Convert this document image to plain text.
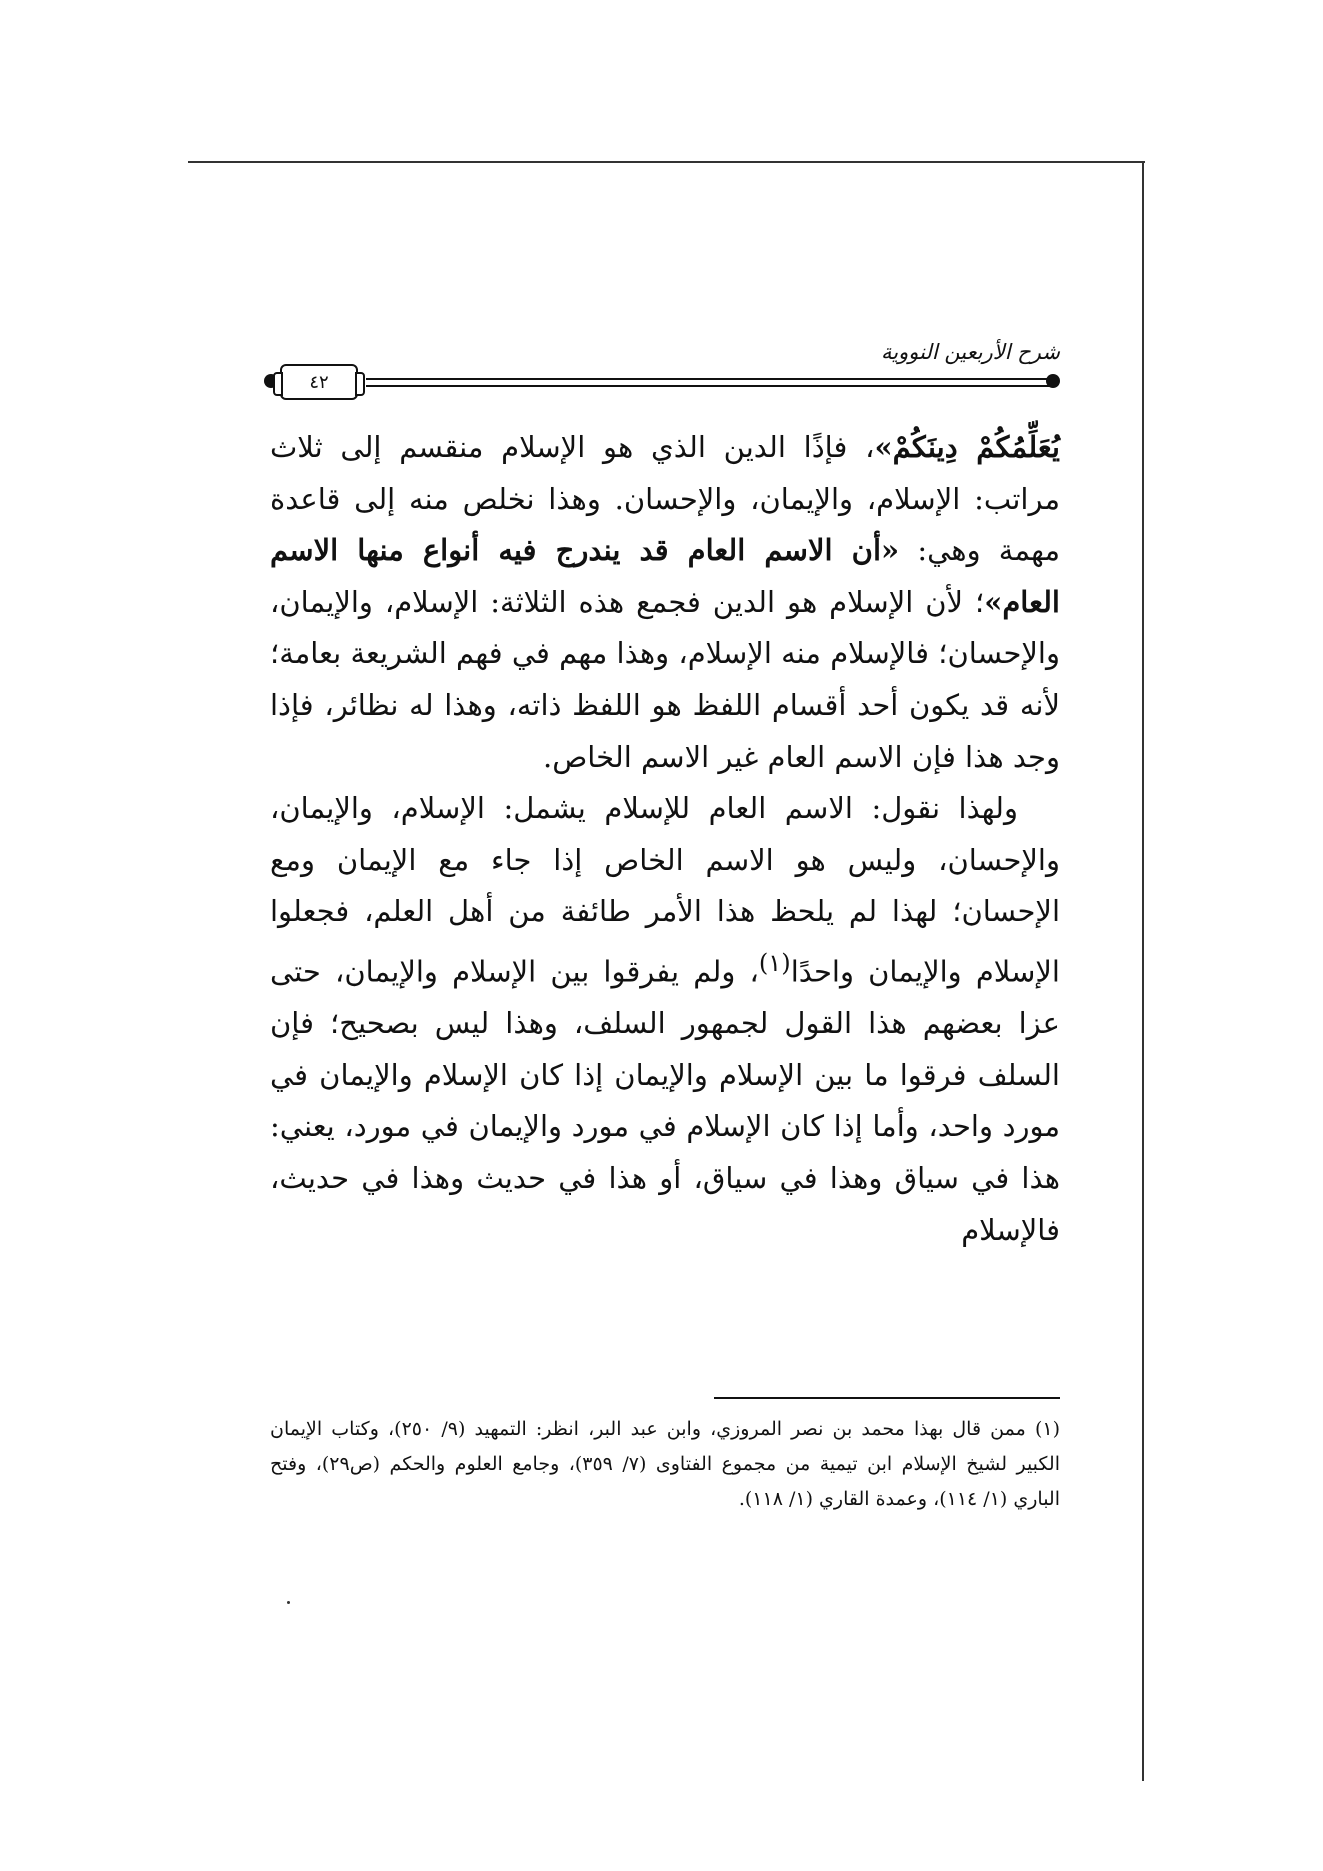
شرح الأربعين النووية
٤٢

يُعَلِّمُكُمْ دِينَكُمْ»، فإذًا الدين الذي هو الإسلام منقسم إلى ثلاث مراتب: الإسلام، والإيمان، والإحسان. وهذا نخلص منه إلى قاعدة مهمة وهي: «أن الاسم العام قد يندرج فيه أنواع منها الاسم العام»؛ لأن الإسلام هو الدين فجمع هذه الثلاثة: الإسلام، والإيمان، والإحسان؛ فالإسلام منه الإسلام، وهذا مهم في فهم الشريعة بعامة؛ لأنه قد يكون أحد أقسام اللفظ هو اللفظ ذاته، وهذا له نظائر، فإذا وجد هذا فإن الاسم العام غير الاسم الخاص.

ولهذا نقول: الاسم العام للإسلام يشمل: الإسلام، والإيمان، والإحسان، وليس هو الاسم الخاص إذا جاء مع الإيمان ومع الإحسان؛ لهذا لم يلحظ هذا الأمر طائفة من أهل العلم، فجعلوا الإسلام والإيمان واحدًا$^{(١)}$، ولم يفرقوا بين الإسلام والإيمان، حتى عزا بعضهم هذا القول لجمهور السلف، وهذا ليس بصحيح؛ فإن السلف فرقوا ما بين الإسلام والإيمان إذا كان الإسلام والإيمان في مورد واحد، وأما إذا كان الإسلام في مورد والإيمان في مورد، يعني: هذا في سياق وهذا في سياق، أو هذا في حديث وهذا في حديث، فالإسلام

(١) ممن قال بهذا محمد بن نصر المروزي، وابن عبد البر، انظر: التمهيد (٩/ ٢٥٠)، وكتاب الإيمان الكبير لشيخ الإسلام ابن تيمية من مجموع الفتاوى (٧/ ٣٥٩)، وجامع العلوم والحكم (ص٢٩)، وفتح الباري (١/ ١١٤)، وعمدة القاري (١/ ١١٨).
